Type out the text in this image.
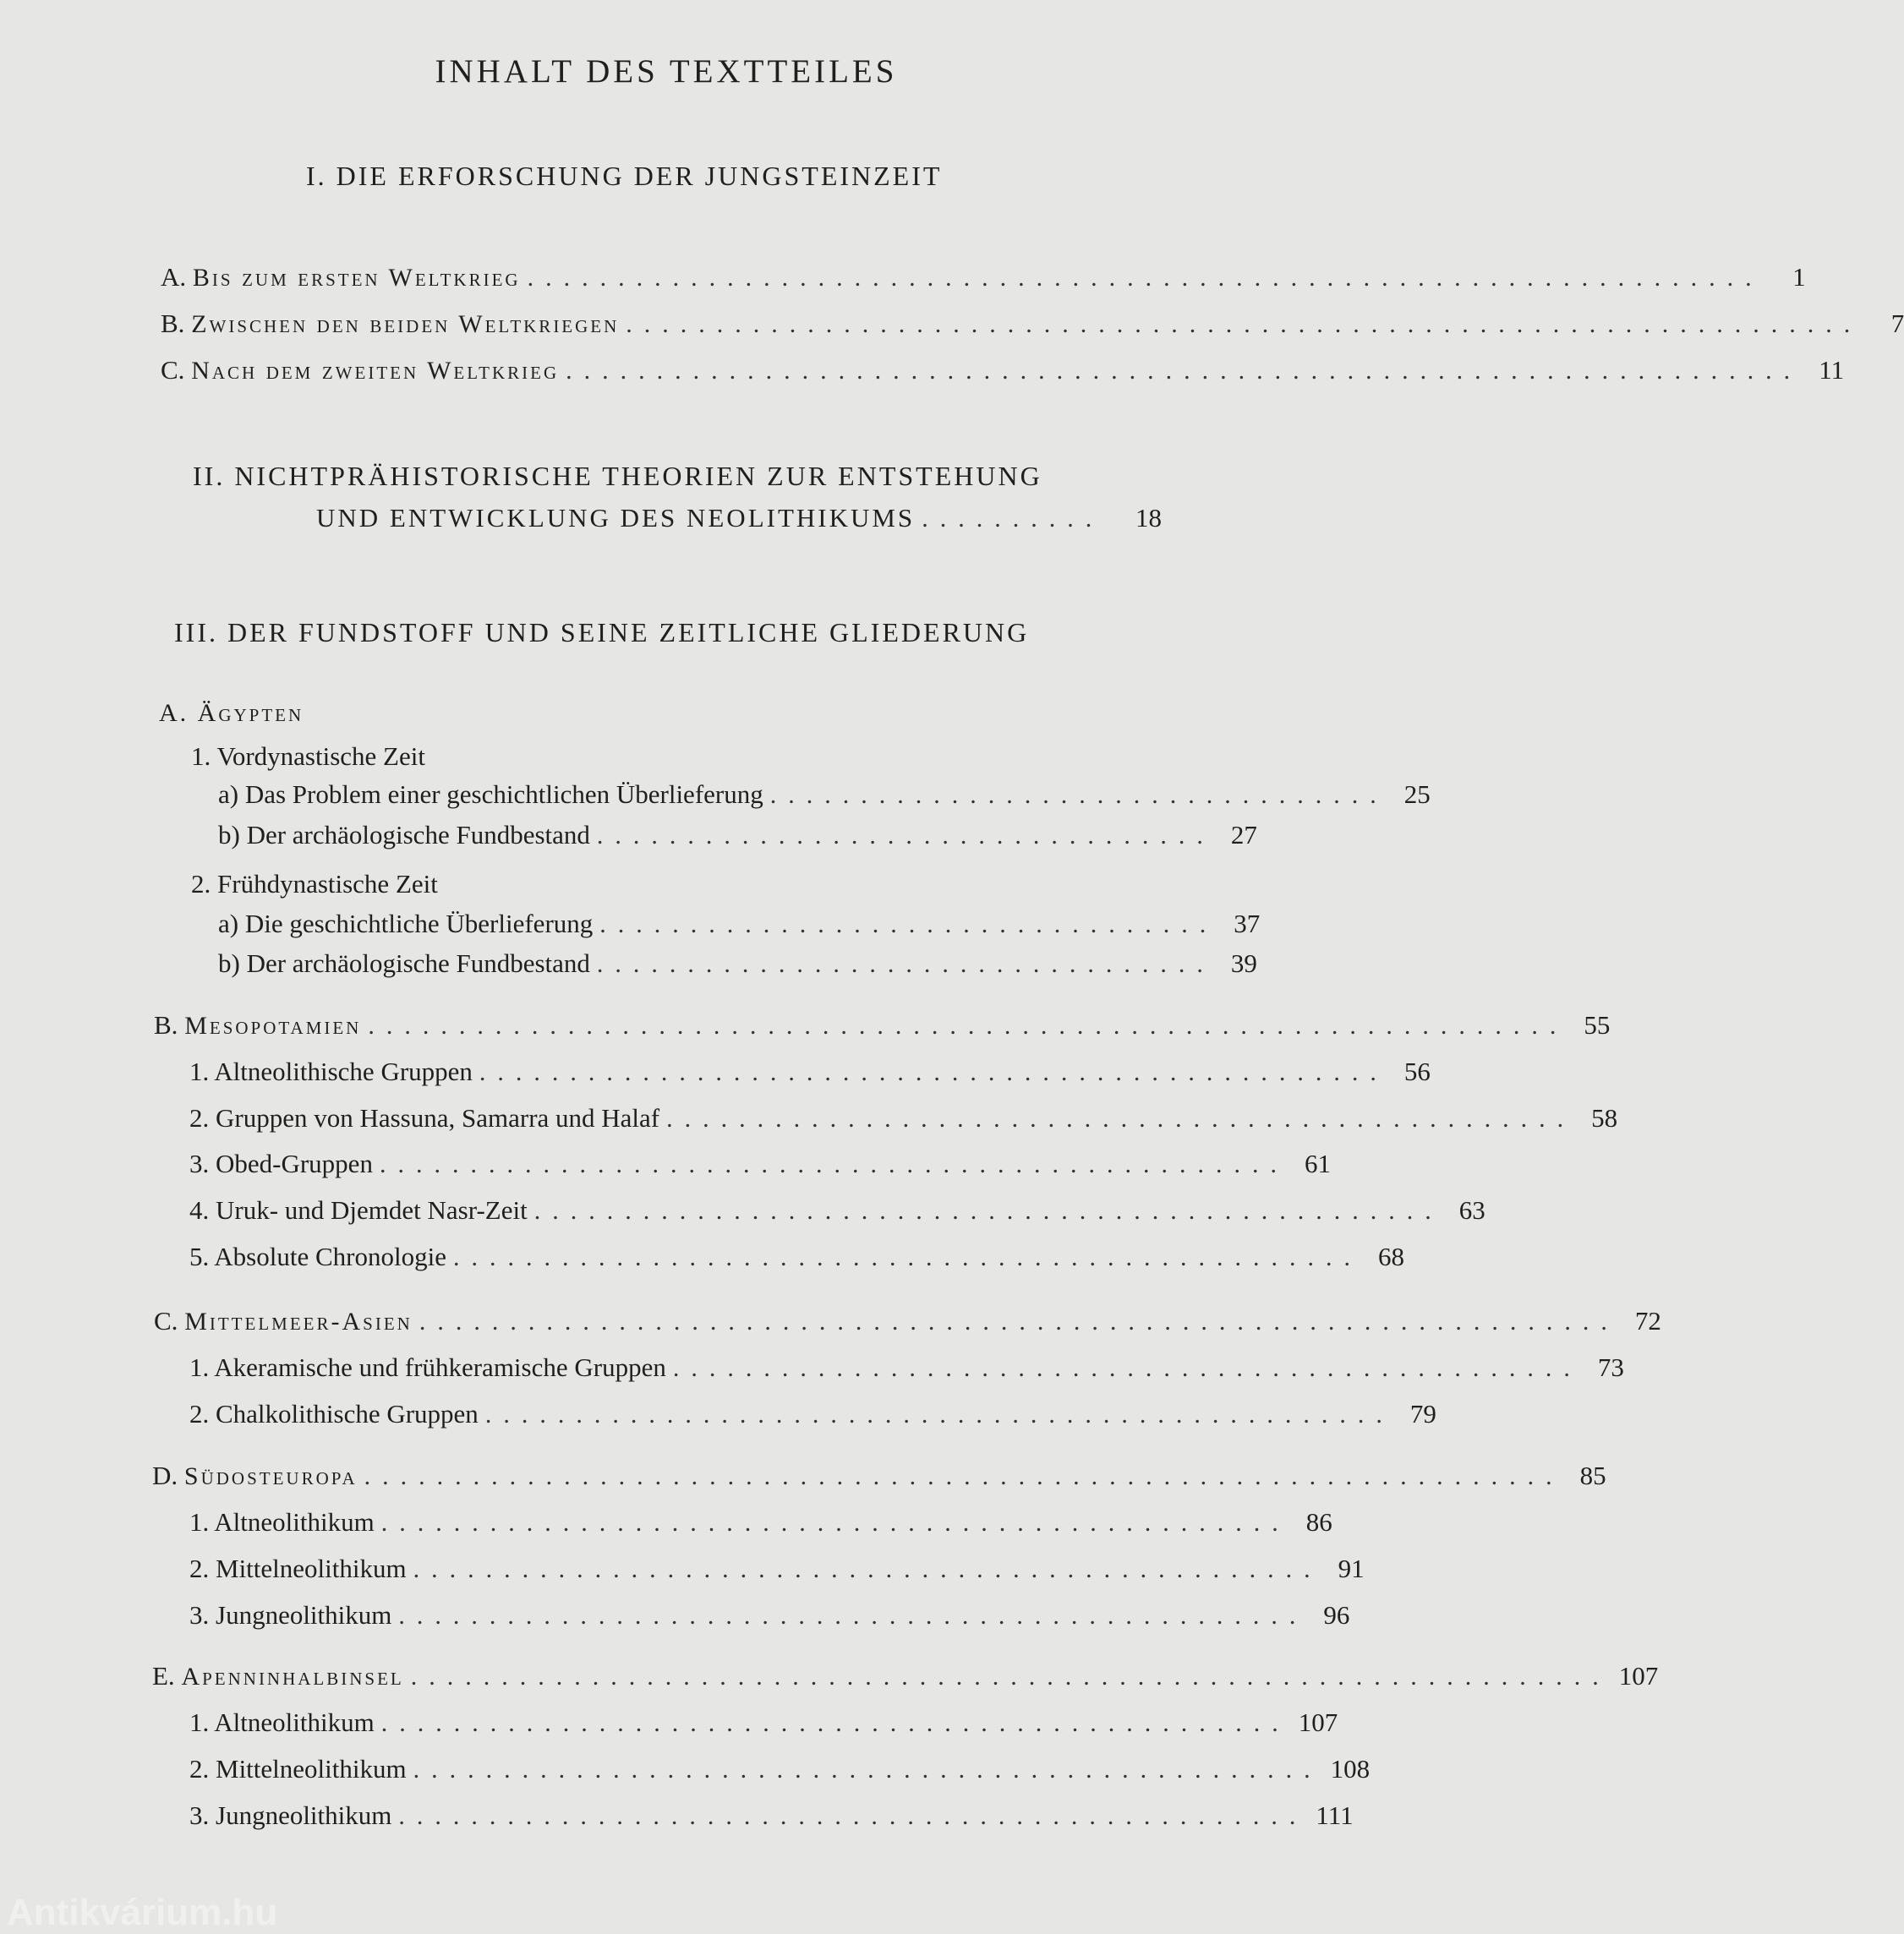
INHALT DES TEXTTEILES
I. DIE ERFORSCHUNG DER JUNGSTEINZEIT
A. Bis zum ersten Weltkrieg ....................................................................	1
B. Zwischen den beiden Weltkriegen ....................................................................	7
C. Nach dem zweiten Weltkrieg .................................................................... 11
II. NICHTPRÄHISTORISCHE THEORIEN ZUR ENTSTEHUNG
UND ENTWICKLUNG DES NEOLITHIKUMS ..........	18
III. DER FUNDSTOFF UND SEINE ZEITLICHE GLIEDERUNG
A. Ägypten
1. Vordynastische Zeit
a) Das Problem einer geschichtlichen Überlieferung .................................. 25
b) Der archäologische Fundbestand .................................. 27
2. Frühdynastische Zeit
a) Die geschichtliche Überlieferung .................................. 37
b) Der archäologische Fundbestand .................................. 39
B. Mesopotamien .................................................................. 55
1. Altneolithische Gruppen .................................................. 56
2. Gruppen von Hassuna, Samarra und Halaf .................................................. 58
3. Obed-Gruppen .................................................. 61
4. Uruk- und Djemdet Nasr-Zeit .................................................. 63
5. Absolute Chronologie .................................................. 68
C. Mittelmeer-Asien .................................................................. 72
1. Akeramische und frühkeramische Gruppen .................................................. 73
2. Chalkolithische Gruppen .................................................. 79
D. Südosteuropa .................................................................. 85
1. Altneolithikum .................................................. 86
2. Mittelneolithikum .................................................. 91
3. Jungneolithikum .................................................. 96
E. Apenninhalbinsel .................................................................. 107
1. Altneolithikum .................................................. 107
2. Mittelneolithikum .................................................. 108
3. Jungneolithikum .................................................. 111
Antikvárium.hu
